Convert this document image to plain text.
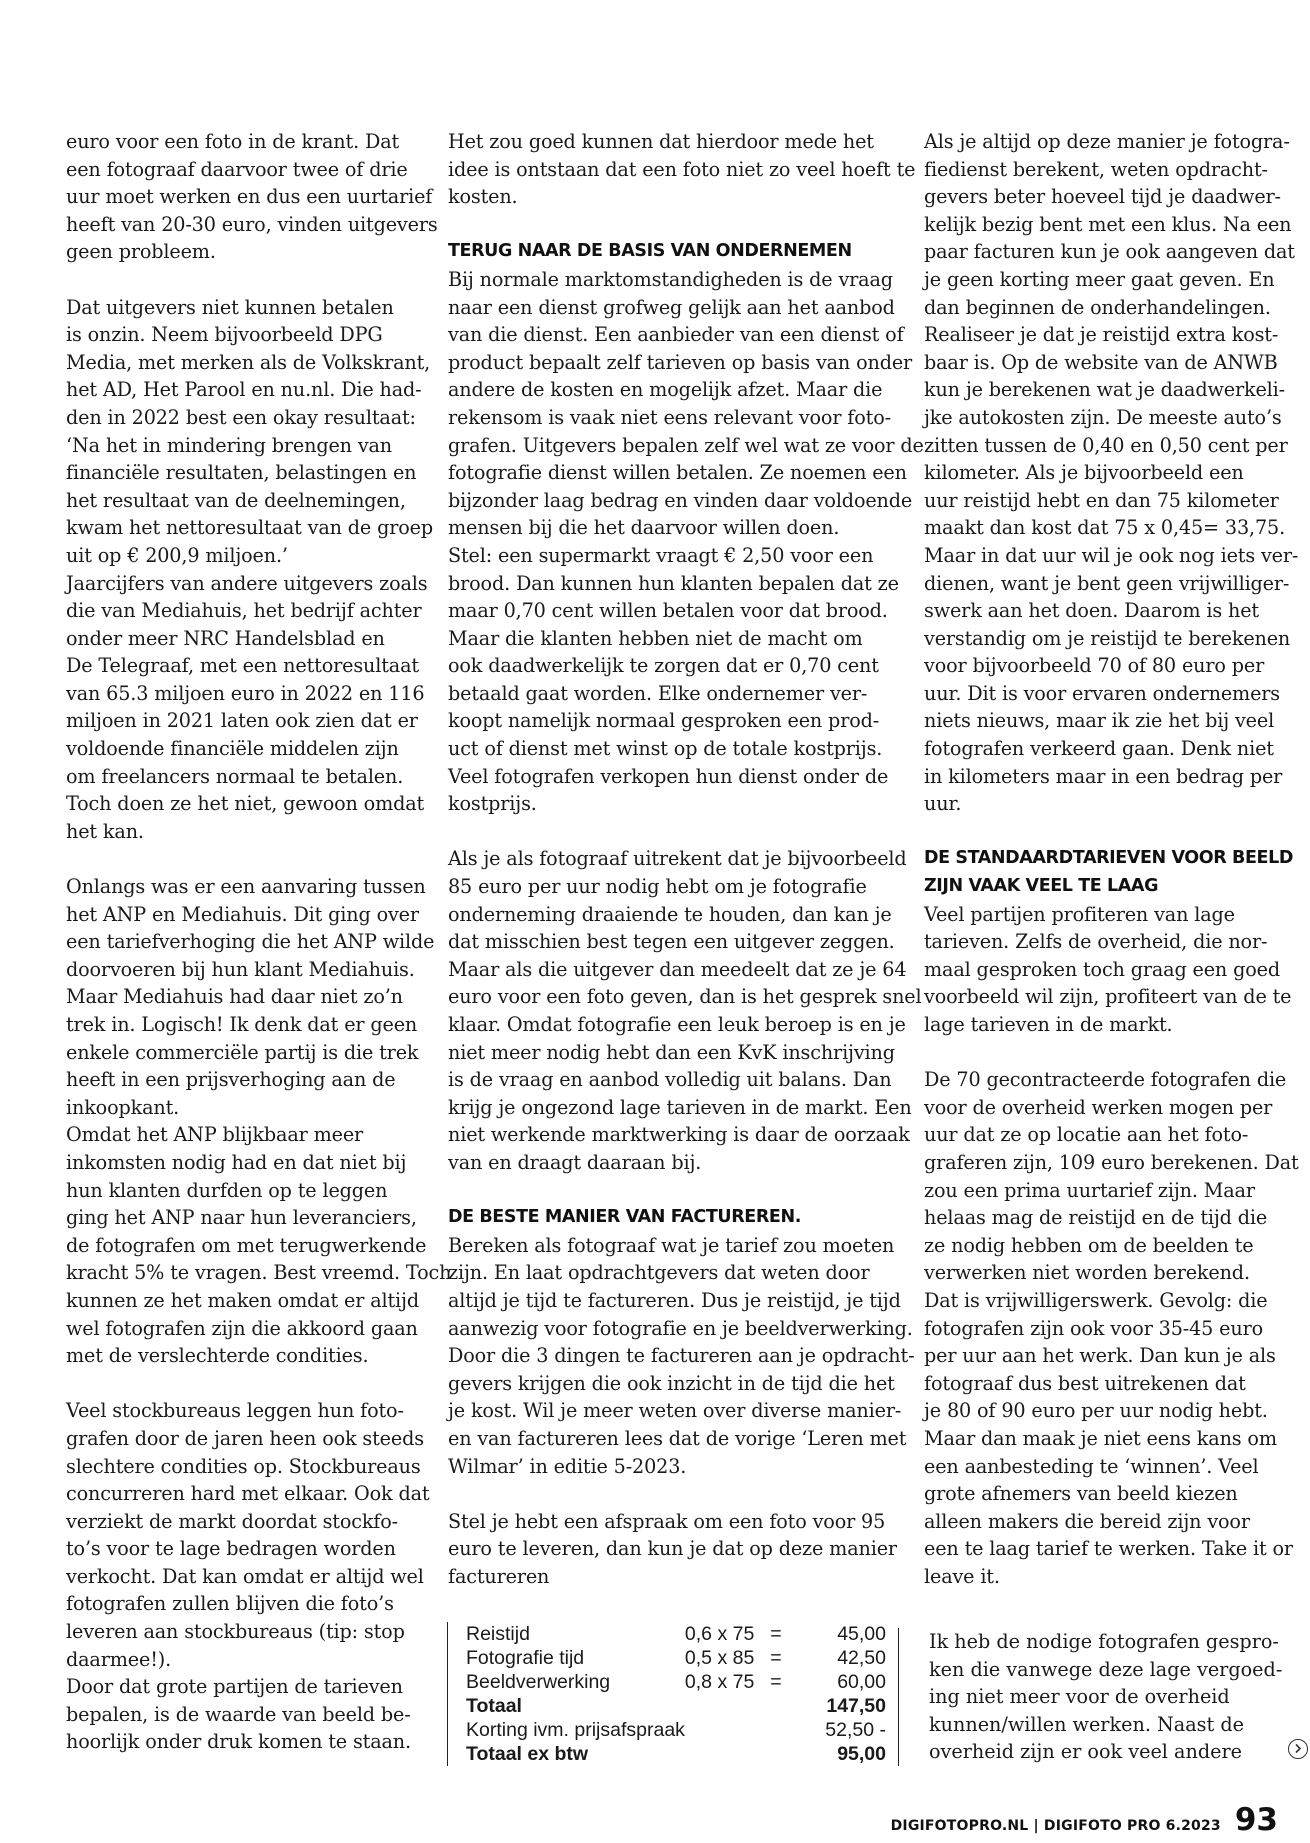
euro voor een foto in de krant. Dat

een fotograaf daarvoor twee of drie

uur moet werken en dus een uurtarief

heeft van 20-30 euro, vinden uitgevers

geen probleem.

Dat uitgevers niet kunnen betalen

is onzin. Neem bijvoorbeeld DPG

Media, met merken als de Volkskrant,

het AD, Het Parool en nu.nl. Die had-

den in 2022 best een okay resultaat:

‘Na het in mindering brengen van

financiële resultaten, belastingen en

het resultaat van de deelnemingen,

kwam het nettoresultaat van de groep

uit op € 200,9 miljoen.’

Jaarcijfers van andere uitgevers zoals

die van Mediahuis, het bedrijf achter

onder meer NRC Handelsblad en

De Telegraaf, met een nettoresultaat

van 65.3 miljoen euro in 2022 en 116

miljoen in 2021 laten ook zien dat er

voldoende financiële middelen zijn

om freelancers normaal te betalen.

Toch doen ze het niet, gewoon omdat

het kan.

Onlangs was er een aanvaring tussen

het ANP en Mediahuis. Dit ging over

een tariefverhoging die het ANP wilde

doorvoeren bij hun klant Mediahuis.

Maar Mediahuis had daar niet zo’n

trek in. Logisch! Ik denk dat er geen

enkele commerciële partij is die trek

heeft in een prijsverhoging aan de

inkoopkant.

Omdat het ANP blijkbaar meer

inkomsten nodig had en dat niet bij

hun klanten durfden op te leggen

ging het ANP naar hun leveranciers,

de fotografen om met terugwerkende

kracht 5% te vragen. Best vreemd. Toch

kunnen ze het maken omdat er altijd

wel fotografen zijn die akkoord gaan

met de verslechterde condities.

Veel stockbureaus leggen hun foto-

grafen door de jaren heen ook steeds

slechtere condities op. Stockbureaus

concurreren hard met elkaar. Ook dat

verziekt de markt doordat stockfo-

to’s voor te lage bedragen worden

verkocht. Dat kan omdat er altijd wel

fotografen zullen blijven die foto’s

leveren aan stockbureaus (tip: stop

daarmee!).

Door dat grote partijen de tarieven

bepalen, is de waarde van beeld be-

hoorlijk onder druk komen te staan.

Het zou goed kunnen dat hierdoor mede het

idee is ontstaan dat een foto niet zo veel hoeft te

kosten.

TERUG NAAR DE BASIS VAN ONDERNEMEN

Bij normale marktomstandigheden is de vraag

naar een dienst grofweg gelijk aan het aanbod

van die dienst. Een aanbieder van een dienst of

product bepaalt zelf tarieven op basis van onder

andere de kosten en mogelijk afzet. Maar die

rekensom is vaak niet eens relevant voor foto-

grafen. Uitgevers bepalen zelf wel wat ze voor de

fotografie dienst willen betalen. Ze noemen een

bijzonder laag bedrag en vinden daar voldoende

mensen bij die het daarvoor willen doen.

Stel: een supermarkt vraagt € 2,50 voor een

brood. Dan kunnen hun klanten bepalen dat ze

maar 0,70 cent willen betalen voor dat brood.

Maar die klanten hebben niet de macht om

ook daadwerkelijk te zorgen dat er 0,70 cent

betaald gaat worden. Elke ondernemer ver-

koopt namelijk normaal gesproken een prod-

uct of dienst met winst op de totale kostprijs.

Veel fotografen verkopen hun dienst onder de

kostprijs.

Als je als fotograaf uitrekent dat je bijvoorbeeld

85 euro per uur nodig hebt om je fotografie

onderneming draaiende te houden, dan kan je

dat misschien best tegen een uitgever zeggen.

Maar als die uitgever dan meedeelt dat ze je 64

euro voor een foto geven, dan is het gesprek snel

klaar. Omdat fotografie een leuk beroep is en je

niet meer nodig hebt dan een KvK inschrijving

is de vraag en aanbod volledig uit balans. Dan

krijg je ongezond lage tarieven in de markt. Een

niet werkende marktwerking is daar de oorzaak

van en draagt daaraan bij.

DE BESTE MANIER VAN FACTUREREN.

Bereken als fotograaf wat je tarief zou moeten

zijn. En laat opdrachtgevers dat weten door

altijd je tijd te factureren. Dus je reistijd, je tijd

aanwezig voor fotografie en je beeldverwerking.

Door die 3 dingen te factureren aan je opdracht-

gevers krijgen die ook inzicht in de tijd die het

je kost. Wil je meer weten over diverse manier-

en van factureren lees dat de vorige ‘Leren met

Wilmar’ in editie 5-2023.

Stel je hebt een afspraak om een foto voor 95

euro te leveren, dan kun je dat op deze manier

factureren

Reistijd	0,6 x 75	=	45,00
Fotografie tijd	0,5 x 85	=	42,50
Beeldverwerking	0,8 x 75	=	60,00
Totaal			147,50
Korting ivm. prijsafspraak			52,50 -
Totaal ex btw			95,00

Als je altijd op deze manier je fotogra-

fiedienst berekent, weten opdracht-

gevers beter hoeveel tijd je daadwer-

kelijk bezig bent met een klus. Na een

paar facturen kun je ook aangeven dat

je geen korting meer gaat geven. En

dan beginnen de onderhandelingen.

Realiseer je dat je reistijd extra kost-

baar is. Op de website van de ANWB

kun je berekenen wat je daadwerkeli-

jke autokosten zijn. De meeste auto’s

zitten tussen de 0,40 en 0,50 cent per

kilometer. Als je bijvoorbeeld een

uur reistijd hebt en dan 75 kilometer

maakt dan kost dat 75 x 0,45= 33,75.

Maar in dat uur wil je ook nog iets ver-

dienen, want je bent geen vrijwilliger-

swerk aan het doen. Daarom is het

verstandig om je reistijd te berekenen

voor bijvoorbeeld 70 of 80 euro per

uur. Dit is voor ervaren ondernemers

niets nieuws, maar ik zie het bij veel

fotografen verkeerd gaan. Denk niet

in kilometers maar in een bedrag per

uur.

DE STANDAARDTARIEVEN VOOR BEELD

ZIJN VAAK VEEL TE LAAG

Veel partijen profiteren van lage

tarieven. Zelfs de overheid, die nor-

maal gesproken toch graag een goed

voorbeeld wil zijn, profiteert van de te

lage tarieven in de markt.

De 70 gecontracteerde fotografen die

voor de overheid werken mogen per

uur dat ze op locatie aan het foto-

graferen zijn, 109 euro berekenen. Dat

zou een prima uurtarief zijn. Maar

helaas mag de reistijd en de tijd die

ze nodig hebben om de beelden te

verwerken niet worden berekend.

Dat is vrijwilligerswerk. Gevolg: die

fotografen zijn ook voor 35-45 euro

per uur aan het werk. Dan kun je als

fotograaf dus best uitrekenen dat

je 80 of 90 euro per uur nodig hebt.

Maar dan maak je niet eens kans om

een aanbesteding te ‘winnen’. Veel

grote afnemers van beeld kiezen

alleen makers die bereid zijn voor

een te laag tarief te werken. Take it or

leave it.

Ik heb de nodige fotografen gespro-

ken die vanwege deze lage vergoed-

ing niet meer voor de overheid

kunnen/willen werken. Naast de

overheid zijn er ook veel andere

DIGIFOTOPRO.NL | DIGIFOTO PRO 6.2023 93
